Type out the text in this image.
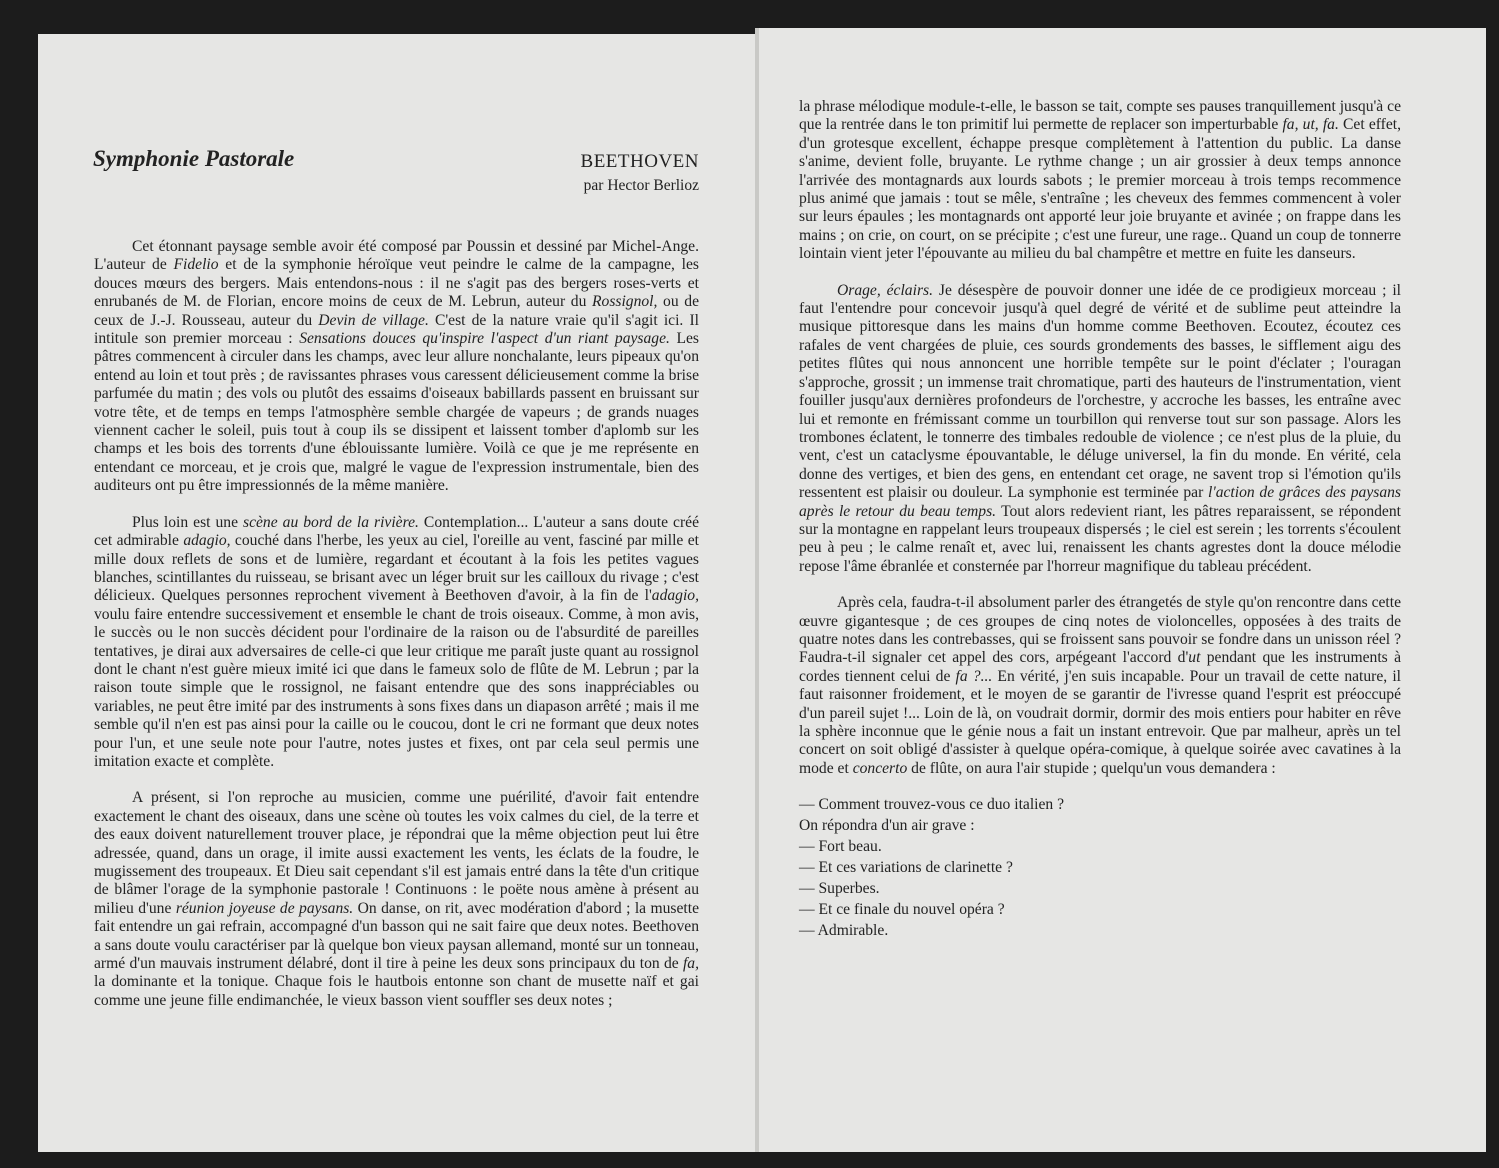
Symphonie Pastorale	BEETHOVEN
par Hector Berlioz

Cet étonnant paysage semble avoir été composé par Poussin et dessiné par Michel-Ange. L'auteur de Fidelio et de la symphonie héroïque veut peindre le calme de la campagne, les douces mœurs des bergers. Mais entendons-nous : il ne s'agit pas des bergers roses-verts et enrubanés de M. de Florian, encore moins de ceux de M. Lebrun, auteur du Rossignol, ou de ceux de J.-J. Rousseau, auteur du Devin de village. C'est de la nature vraie qu'il s'agit ici. Il intitule son premier morceau : Sensations douces qu'inspire l'aspect d'un riant paysage. Les pâtres commencent à circuler dans les champs, avec leur allure nonchalante, leurs pipeaux qu'on entend au loin et tout près ; de ravissantes phrases vous caressent délicieusement comme la brise parfumée du matin ; des vols ou plutôt des essaims d'oiseaux babillards passent en bruissant sur votre tête, et de temps en temps l'atmosphère semble chargée de vapeurs ; de grands nuages viennent cacher le soleil, puis tout à coup ils se dissipent et laissent tomber d'aplomb sur les champs et les bois des torrents d'une éblouissante lumière. Voilà ce que je me représente en entendant ce morceau, et je crois que, malgré le vague de l'expression instrumentale, bien des auditeurs ont pu être impressionnés de la même manière.

Plus loin est une scène au bord de la rivière. Contemplation... L'auteur a sans doute créé cet admirable adagio, couché dans l'herbe, les yeux au ciel, l'oreille au vent, fasciné par mille et mille doux reflets de sons et de lumière, regardant et écoutant à la fois les petites vagues blanches, scintillantes du ruisseau, se brisant avec un léger bruit sur les cailloux du rivage ; c'est délicieux. Quelques personnes reprochent vivement à Beethoven d'avoir, à la fin de l'adagio, voulu faire entendre successivement et ensemble le chant de trois oiseaux. Comme, à mon avis, le succès ou le non succès décident pour l'ordinaire de la raison ou de l'absurdité de pareilles tentatives, je dirai aux adversaires de celle-ci que leur critique me paraît juste quant au rossignol dont le chant n'est guère mieux imité ici que dans le fameux solo de flûte de M. Lebrun ; par la raison toute simple que le rossignol, ne faisant entendre que des sons inappréciables ou variables, ne peut être imité par des instruments à sons fixes dans un diapason arrêté ; mais il me semble qu'il n'en est pas ainsi pour la caille ou le coucou, dont le cri ne formant que deux notes pour l'un, et une seule note pour l'autre, notes justes et fixes, ont par cela seul permis une imitation exacte et complète.

A présent, si l'on reproche au musicien, comme une puérilité, d'avoir fait entendre exactement le chant des oiseaux, dans une scène où toutes les voix calmes du ciel, de la terre et des eaux doivent naturellement trouver place, je répondrai que la même objection peut lui être adressée, quand, dans un orage, il imite aussi exactement les vents, les éclats de la foudre, le mugissement des troupeaux. Et Dieu sait cependant s'il est jamais entré dans la tête d'un critique de blâmer l'orage de la symphonie pastorale ! Continuons : le poëte nous amène à présent au milieu d'une réunion joyeuse de paysans. On danse, on rit, avec modération d'abord ; la musette fait entendre un gai refrain, accompagné d'un basson qui ne sait faire que deux notes. Beethoven a sans doute voulu caractériser par là quelque bon vieux paysan allemand, monté sur un tonneau, armé d'un mauvais instrument délabré, dont il tire à peine les deux sons principaux du ton de fa, la dominante et la tonique. Chaque fois le hautbois entonne son chant de musette naïf et gai comme une jeune fille endimanchée, le vieux basson vient souffler ses deux notes ;

la phrase mélodique module-t-elle, le basson se tait, compte ses pauses tranquillement jusqu'à ce que la rentrée dans le ton primitif lui permette de replacer son imperturbable fa, ut, fa. Cet effet, d'un grotesque excellent, échappe presque complètement à l'attention du public. La danse s'anime, devient folle, bruyante. Le rythme change ; un air grossier à deux temps annonce l'arrivée des montagnards aux lourds sabots ; le premier morceau à trois temps recommence plus animé que jamais : tout se mêle, s'entraîne ; les cheveux des femmes commencent à voler sur leurs épaules ; les montagnards ont apporté leur joie bruyante et avinée ; on frappe dans les mains ; on crie, on court, on se précipite ; c'est une fureur, une rage.. Quand un coup de tonnerre lointain vient jeter l'épouvante au milieu du bal champêtre et mettre en fuite les danseurs.

Orage, éclairs. Je désespère de pouvoir donner une idée de ce prodigieux morceau ; il faut l'entendre pour concevoir jusqu'à quel degré de vérité et de sublime peut atteindre la musique pittoresque dans les mains d'un homme comme Beethoven. Ecoutez, écoutez ces rafales de vent chargées de pluie, ces sourds grondements des basses, le sifflement aigu des petites flûtes qui nous annoncent une horrible tempête sur le point d'éclater ; l'ouragan s'approche, grossit ; un immense trait chromatique, parti des hauteurs de l'instrumentation, vient fouiller jusqu'aux dernières profondeurs de l'orchestre, y accroche les basses, les entraîne avec lui et remonte en frémissant comme un tourbillon qui renverse tout sur son passage. Alors les trombones éclatent, le tonnerre des timbales redouble de violence ; ce n'est plus de la pluie, du vent, c'est un cataclysme épouvantable, le déluge universel, la fin du monde. En vérité, cela donne des vertiges, et bien des gens, en entendant cet orage, ne savent trop si l'émotion qu'ils ressentent est plaisir ou douleur. La symphonie est terminée par l'action de grâces des paysans après le retour du beau temps. Tout alors redevient riant, les pâtres reparaissent, se répondent sur la montagne en rappelant leurs troupeaux dispersés ; le ciel est serein ; les torrents s'écoulent peu à peu ; le calme renaît et, avec lui, renaissent les chants agrestes dont la douce mélodie repose l'âme ébranlée et consternée par l'horreur magnifique du tableau précédent.

Après cela, faudra-t-il absolument parler des étrangetés de style qu'on rencontre dans cette œuvre gigantesque ; de ces groupes de cinq notes de violoncelles, opposées à des traits de quatre notes dans les contrebasses, qui se froissent sans pouvoir se fondre dans un unisson réel ? Faudra-t-il signaler cet appel des cors, arpégeant l'accord d'ut pendant que les instruments à cordes tiennent celui de fa ?... En vérité, j'en suis incapable. Pour un travail de cette nature, il faut raisonner froidement, et le moyen de se garantir de l'ivresse quand l'esprit est préoccupé d'un pareil sujet !... Loin de là, on voudrait dormir, dormir des mois entiers pour habiter en rêve la sphère inconnue que le génie nous a fait un instant entrevoir. Que par malheur, après un tel concert on soit obligé d'assister à quelque opéra-comique, à quelque soirée avec cavatines à la mode et concerto de flûte, on aura l'air stupide ; quelqu'un vous demandera :

— Comment trouvez-vous ce duo italien ?
On répondra d'un air grave :
— Fort beau.
— Et ces variations de clarinette ?
— Superbes.
— Et ce finale du nouvel opéra ?
— Admirable.
